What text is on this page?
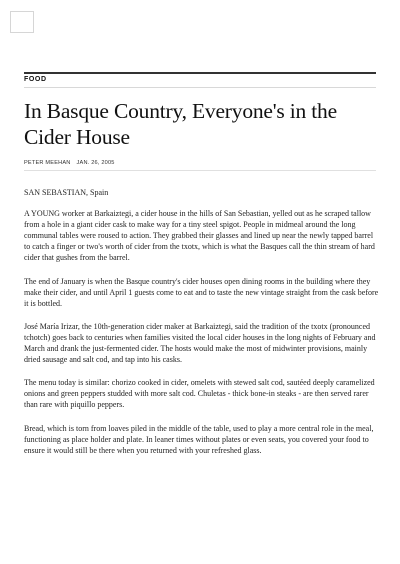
FOOD
In Basque Country, Everyone's in the Cider House
PETER MEEHAN JAN. 26, 2005

SAN SEBASTIAN, Spain

A YOUNG worker at Barkaiztegi, a cider house in the hills of San Sebastian, yelled out as he scraped tallow from a hole in a giant cider cask to make way for a tiny steel spigot. People in midmeal around the long communal tables were roused to action. They grabbed their glasses and lined up near the newly tapped barrel to catch a finger or two's worth of cider from the txotx, which is what the Basques call the thin stream of hard cider that gushes from the barrel.

The end of January is when the Basque country's cider houses open dining rooms in the building where they make their cider, and until April 1 guests come to eat and to taste the new vintage straight from the cask before it is bottled.

José María Irizar, the 10th-generation cider maker at Barkaiztegi, said the tradition of the txotx (pronounced tchotch) goes back to centuries when families visited the local cider houses in the long nights of February and March and drank the just-fermented cider. The hosts would make the most of midwinter provisions, mainly dried sausage and salt cod, and tap into his casks.

The menu today is similar: chorizo cooked in cider, omelets with stewed salt cod, sautéed deeply caramelized onions and green peppers studded with more salt cod. Chuletas - thick bone-in steaks - are then served rarer than rare with piquillo peppers.

Bread, which is torn from loaves piled in the middle of the table, used to play a more central role in the meal, functioning as place holder and plate. In leaner times without plates or even seats, you covered your food to ensure it would still be there when you returned with your refreshed glass.
